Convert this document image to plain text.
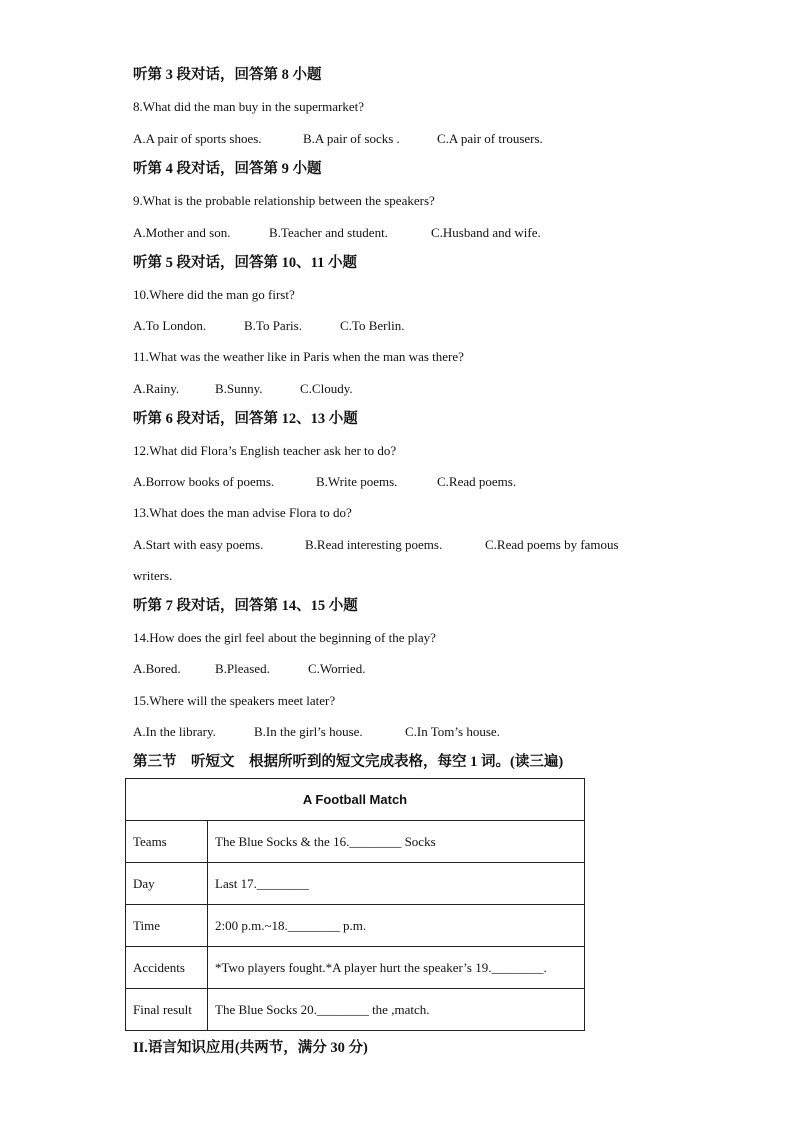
听第 3 段对话，回答第 8 小题
8.What did the man buy in the supermarket?
A.A pair of sports shoes.	B.A pair of socks .	C.A pair of trousers.
听第 4 段对话，回答第 9 小题
9.What is the probable relationship between the speakers?
A.Mother and son.	B.Teacher and student.	C.Husband and wife.
听第 5 段对话，回答第 10、11 小题
10.Where did the man go first?
A.To London.	B.To Paris.	C.To Berlin.
11.What was the weather like in Paris when the man was there?
A.Rainy.	B.Sunny.	C.Cloudy.
听第 6 段对话，回答第 12、13 小题
12.What did Flora’s English teacher ask her to do?
A.Borrow books of poems.	B.Write poems.	C.Read poems.
13.What does the man advise Flora to do?
A.Start with easy poems.	B.Read interesting poems.	C.Read poems by famous
writers.
听第 7 段对话，回答第 14、15 小题
14.How does the girl feel about the beginning of the play?
A.Bored.	B.Pleased.	C.Worried.
15.Where will the speakers meet later?
A.In the library.	B.In the girl’s house.	C.In Tom’s house.
第三节    听短文    根据所听到的短文完成表格，每空 1 词。(读三遍)
A Football Match	
Teams	The Blue Socks & the 16.________ Socks
Day	Last 17.________
Time	2:00 p.m.~18.________ p.m.
Accidents	*Two players fought.*A player hurt the speaker’s 19.________.
Final result	The Blue Socks 20.________ the ,match.
II.语言知识应用(共两节，满分 30 分)
